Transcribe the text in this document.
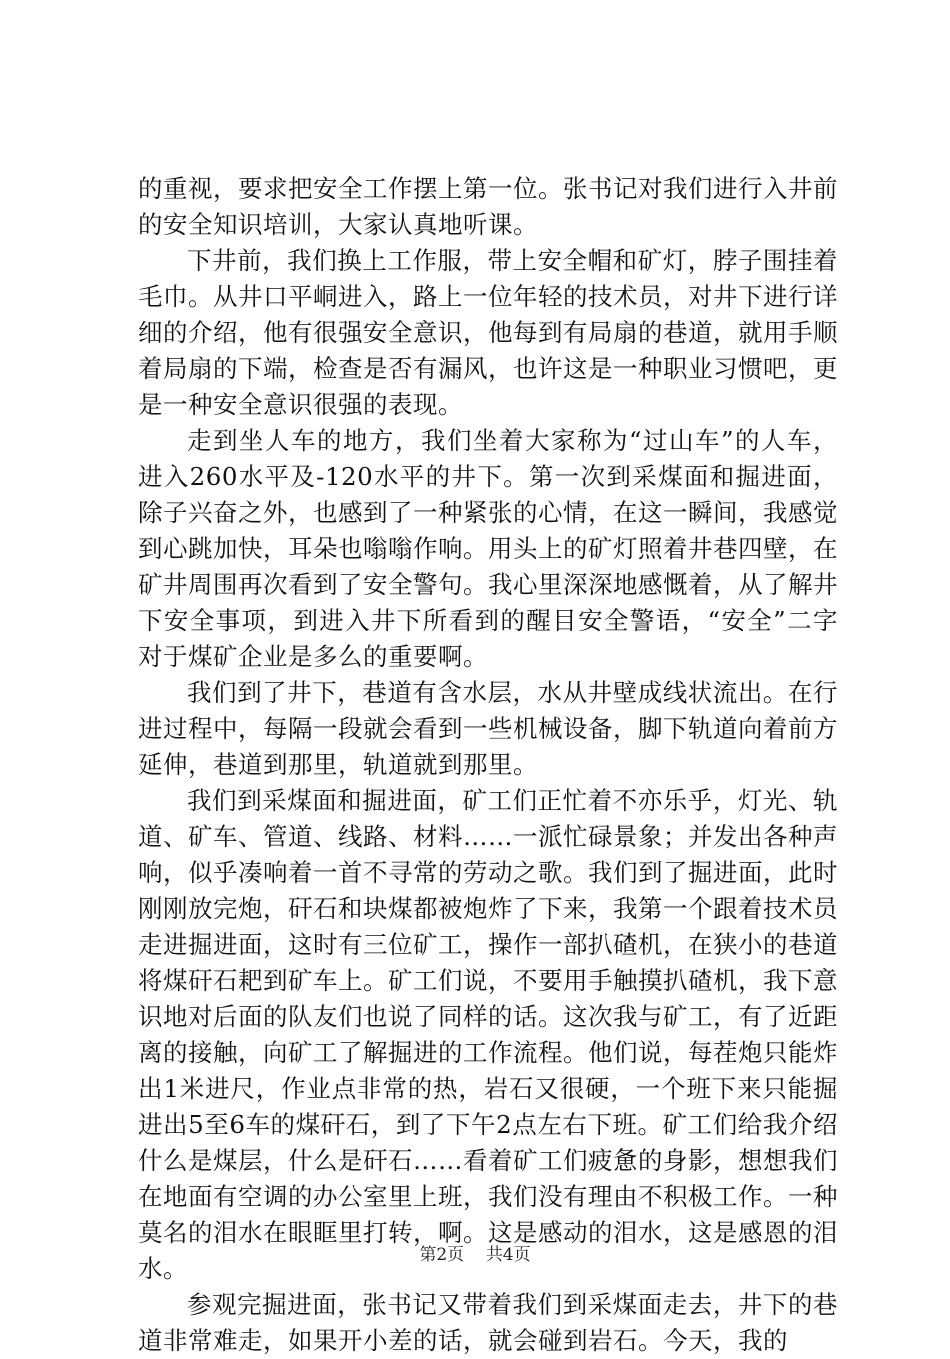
的重视，要求把安全工作摆上第一位。张书记对我们进行入井前的安全知识培训，大家认真地听课。

下井前，我们换上工作服，带上安全帽和矿灯，脖子围挂着毛巾。从井口平峒进入，路上一位年轻的技术员，对井下进行详细的介绍，他有很强安全意识，他每到有局扇的巷道，就用手顺着局扇的下端，检查是否有漏风，也许这是一种职业习惯吧，更是一种安全意识很强的表现。

走到坐人车的地方，我们坐着大家称为“过山车”的人车，进入260水平及-120水平的井下。第一次到采煤面和掘进面，除子兴奋之外，也感到了一种紧张的心情，在这一瞬间，我感觉到心跳加快，耳朵也嗡嗡作响。用头上的矿灯照着井巷四壁，在矿井周围再次看到了安全警句。我心里深深地感慨着，从了解井下安全事项，到进入井下所看到的醒目安全警语，“安全”二字对于煤矿企业是多么的重要啊。

我们到了井下，巷道有含水层，水从井壁成线状流出。在行进过程中，每隔一段就会看到一些机械设备，脚下轨道向着前方延伸，巷道到那里，轨道就到那里。

我们到采煤面和掘进面，矿工们正忙着不亦乐乎，灯光、轨道、矿车、管道、线路、材料……一派忙碌景象；并发出各种声响，似乎凑响着一首不寻常的劳动之歌。我们到了掘进面，此时刚刚放完炮，矸石和块煤都被炮炸了下来，我第一个跟着技术员走进掘进面，这时有三位矿工，操作一部扒碴机，在狭小的巷道将煤矸石耙到矿车上。矿工们说，不要用手触摸扒碴机，我下意识地对后面的队友们也说了同样的话。这次我与矿工，有了近距离的接触，向矿工了解掘进的工作流程。他们说，每茬炮只能炸出1米进尺，作业点非常的热，岩石又很硬，一个班下来只能掘进出5至6车的煤矸石，到了下午2点左右下班。矿工们给我介绍什么是煤层，什么是矸石……看着矿工们疲惫的身影，想想我们在地面有空调的办公室里上班，我们没有理由不积极工作。一种莫名的泪水在眼眶里打转，啊。这是感动的泪水，这是感恩的泪水。

参观完掘进面，张书记又带着我们到采煤面走去，井下的巷道非常难走，如果开小差的话，就会碰到岩石。今天，我的

第2页 共4页
